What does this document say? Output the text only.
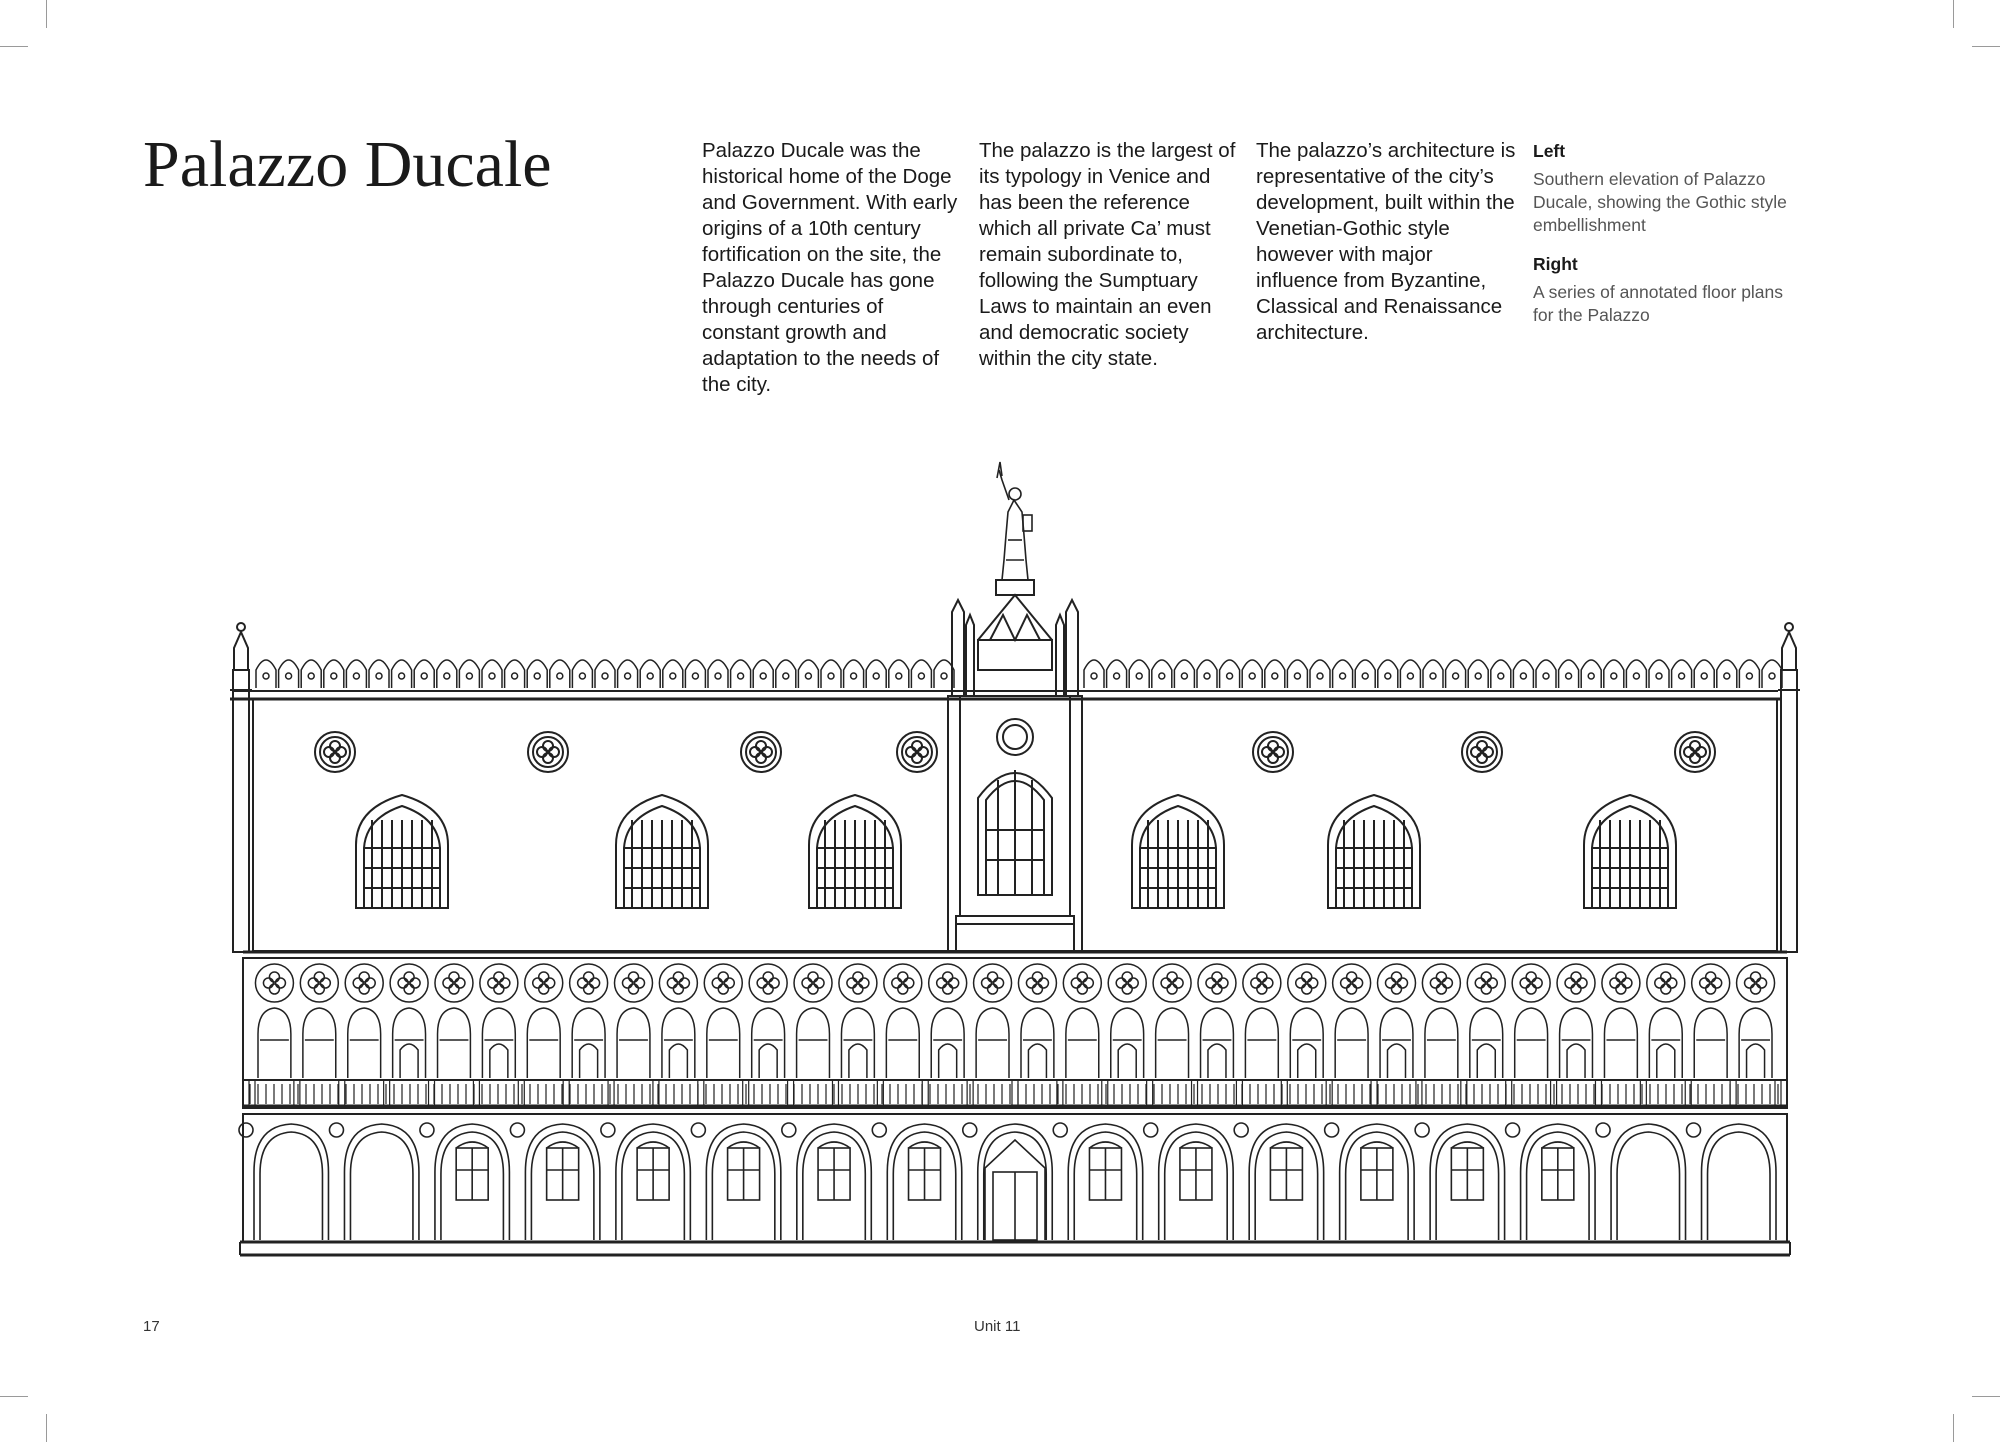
Palazzo Ducale	Palazzo Ducale was the historical home of the Doge and Government. With early origins of a 10th century fortification on the site, the Palazzo Ducale has gone through centuries of constant growth and adaptation to the needs of the city.

The palazzo is the largest of its typology in Venice and has been the reference which all private Ca’ must remain subordinate to, following the Sumptuary Laws to maintain an even and democratic society within the city state.

The palazzo’s architecture is representative of the city’s development, built within the Venetian-Gothic style however with major influence from Byzantine, Classical and Renaissance architecture.

Left

Southern elevation of Palazzo Ducale, showing the Gothic style embellishment

Right

A series of annotated floor plans for the Palazzo

17	Unit 11
